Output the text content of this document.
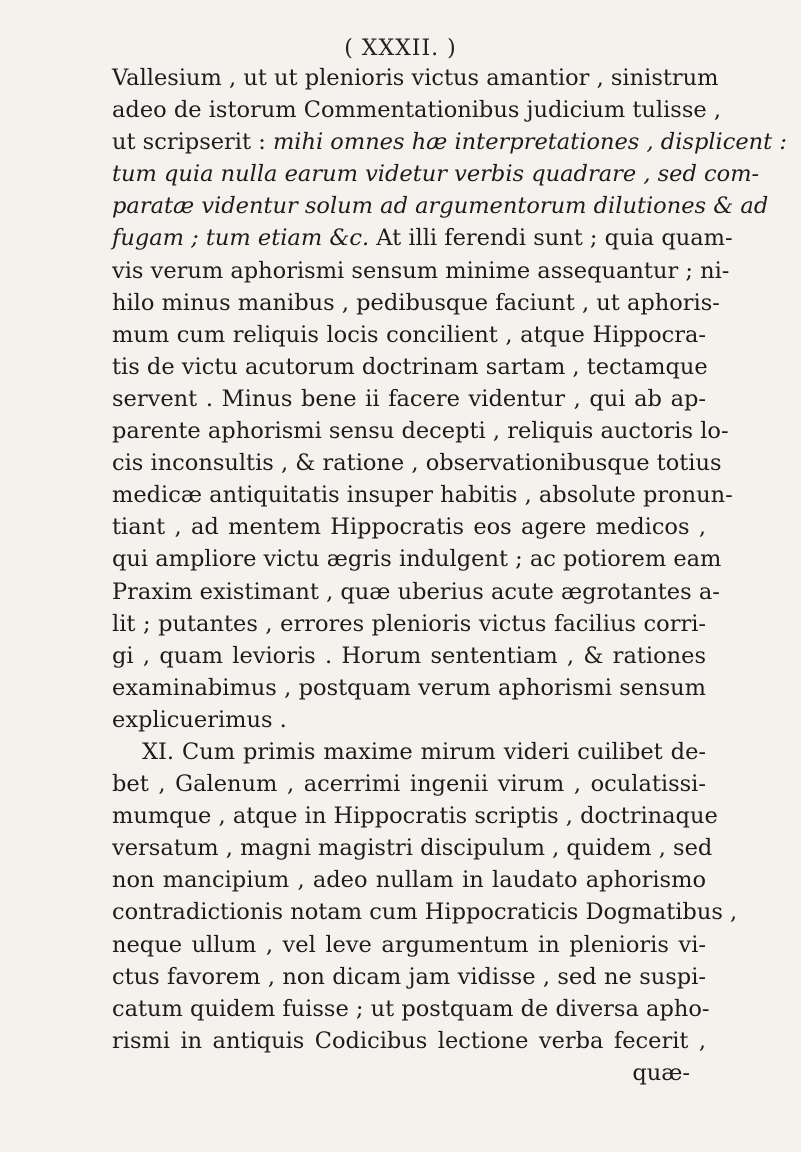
( XXXII. )
Vallesium , ut ut plenioris victus amantior , sinistrum
adeo de istorum Commentationibus judicium tulisse ,
ut scripserit : mihi omnes hæ interpretationes , displicent :
tum quia nulla earum videtur verbis quadrare , sed com-
paratæ videntur solum ad argumentorum dilutiones & ad
fugam ; tum etiam &c. At illi ferendi sunt ; quia quam-
vis verum aphorismi sensum minime assequantur ; ni-
hilo minus manibus , pedibusque faciunt , ut aphoris-
mum cum reliquis locis concilient , atque Hippocra-
tis de victu acutorum doctrinam sartam , tectamque
servent . Minus bene ii facere videntur , qui ab ap-
parente aphorismi sensu decepti , reliquis auctoris lo-
cis inconsultis , & ratione , observationibusque totius
medicæ antiquitatis insuper habitis , absolute pronun-
tiant , ad mentem Hippocratis eos agere medicos ,
qui ampliore victu ægris indulgent ; ac potiorem eam
Praxim existimant , quæ uberius acute ægrotantes a-
lit ; putantes , errores plenioris victus facilius corri-
gi , quam levioris . Horum sententiam , & rationes
examinabimus , postquam verum aphorismi sensum
explicuerimus .
XI. Cum primis maxime mirum videri cuilibet de-
bet , Galenum , acerrimi ingenii virum , oculatissi-
mumque , atque in Hippocratis scriptis , doctrinaque
versatum , magni magistri discipulum , quidem , sed
non mancipium , adeo nullam in laudato aphorismo
contradictionis notam cum Hippocraticis Dogmatibus ,
neque ullum , vel leve argumentum in plenioris vi-
ctus favorem , non dicam jam vidisse , sed ne suspi-
catum quidem fuisse ; ut postquam de diversa apho-
rismi in antiquis Codicibus lectione verba fecerit ,
quæ-
